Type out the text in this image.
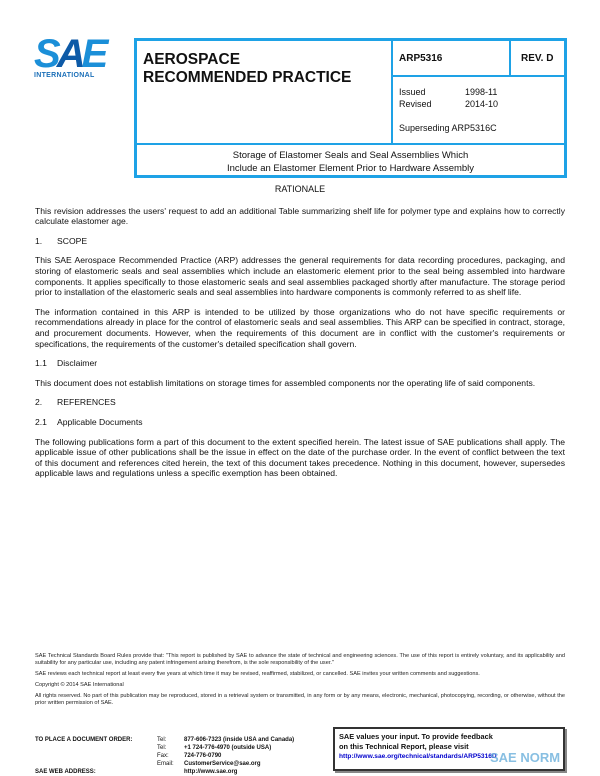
SAE
INTERNATIONAL
AEROSPACE
RECOMMENDED PRACTICE
ARP5316	REV. D
Issued	1998-11
Revised	2014-10
Superseding ARP5316C
Storage of Elastomer Seals and Seal Assemblies Which
Include an Elastomer Element Prior to Hardware Assembly
RATIONALE

This revision addresses the users' request to add an additional Table summarizing shelf life for polymer type and explains how to correctly calculate elastomer age.

1. SCOPE

This SAE Aerospace Recommended Practice (ARP) addresses the general requirements for data recording procedures, packaging, and storing of elastomeric seals and seal assemblies which include an elastomeric element prior to the seal being assembled into hardware components. It applies specifically to those elastomeric seals and seal assemblies packaged shortly after manufacture. The storage period prior to installation of the elastomeric seals and seal assemblies into hardware components is commonly referred to as shelf life.

The information contained in this ARP is intended to be utilized by those organizations who do not have specific requirements or recommendations already in place for the control of elastomeric seals and seal assemblies. This ARP can be specified in contract, storage, and procurement documents. However, when the requirements of this document are in conflict with the customer's requirements or specifications, the requirements of the customer's detailed specification shall govern.

1.1 Disclaimer

This document does not establish limitations on storage times for assembled components nor the operating life of said components.

2. REFERENCES
2.1 Applicable Documents

The following publications form a part of this document to the extent specified herein. The latest issue of SAE publications shall apply. The applicable issue of other publications shall be the issue in effect on the date of the purchase order. In the event of conflict between the text of this document and references cited herein, the text of this document takes precedence. Nothing in this document, however, supersedes applicable laws and regulations unless a specific exemption has been obtained.

SAE Technical Standards Board Rules provide that: "This report is published by SAE to advance the state of technical and engineering sciences. The use of this report is entirely voluntary, and its applicability and suitability for any particular use, including any patent infringement arising therefrom, is the sole responsibility of the user."

SAE reviews each technical report at least every five years at which time it may be revised, reaffirmed, stabilized, or cancelled. SAE invites your written comments and suggestions.

Copyright © 2014 SAE International

All rights reserved. No part of this publication may be reproduced, stored in a retrieval system or transmitted, in any form or by any means, electronic, mechanical, photocopying, recording, or otherwise, without the prior written permission of SAE.

TO PLACE A DOCUMENT ORDER:	Tel:	877-606-7323 (inside USA and Canada)
Tel:	+1 724-776-4970 (outside USA)
Fax:	724-776-0790
Email:	CustomerService@sae.org
SAE WEB ADDRESS:	http://www.sae.org
SAE values your input. To provide feedback
on this Technical Report, please visit
http://www.sae.org/technical/standards/ARP5316D
SAE NORM
